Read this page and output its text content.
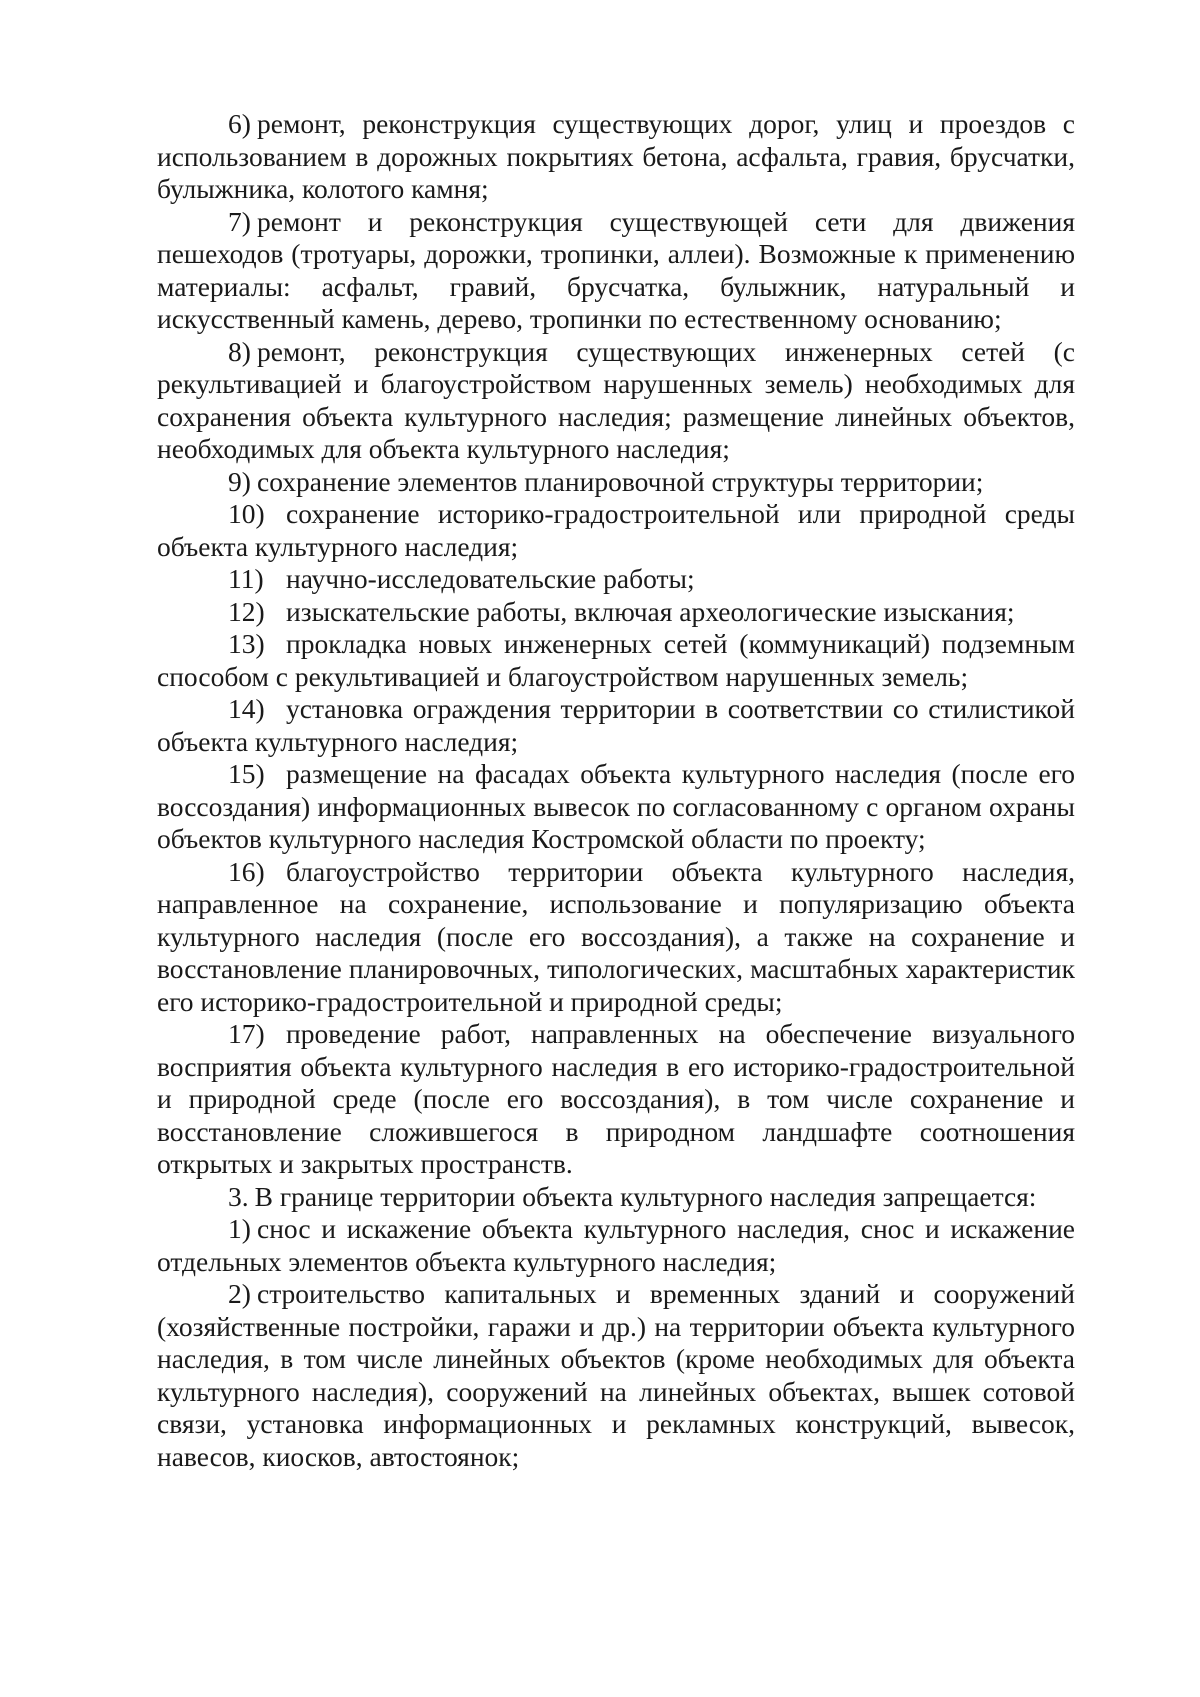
6) ремонт, реконструкция существующих дорог, улиц и проездов с использованием в дорожных покрытиях бетона, асфальта, гравия, брусчатки, булыжника, колотого камня;

7) ремонт и реконструкция существующей сети для движения пешеходов (тротуары, дорожки, тропинки, аллеи). Возможные к применению материалы: асфальт, гравий, брусчатка, булыжник, натуральный и искусственный камень, дерево, тропинки по естественному основанию;

8) ремонт, реконструкция существующих инженерных сетей (с рекультивацией и благоустройством нарушенных земель) необходимых для сохранения объекта культурного наследия; размещение линейных объектов, необходимых для объекта культурного наследия;

9) сохранение элементов планировочной структуры территории;

10) сохранение историко-градостроительной или природной среды объекта культурного наследия;

11) научно-исследовательские работы;

12) изыскательские работы, включая археологические изыскания;

13) прокладка новых инженерных сетей (коммуникаций) подземным способом с рекультивацией и благоустройством нарушенных земель;

14) установка ограждения территории в соответствии со стилистикой объекта культурного наследия;

15) размещение на фасадах объекта культурного наследия (после его воссоздания) информационных вывесок по согласованному с органом охраны объектов культурного наследия Костромской области по проекту;

16) благоустройство территории объекта культурного наследия, направленное на сохранение, использование и популяризацию объекта культурного наследия (после его воссоздания), а также на сохранение и восстановление планировочных, типологических, масштабных характеристик его историко-градостроительной и природной среды;

17) проведение работ, направленных на обеспечение визуального восприятия объекта культурного наследия в его историко-градостроительной и природной среде (после его воссоздания), в том числе сохранение и восстановление сложившегося в природном ландшафте соотношения открытых и закрытых пространств.

3. В границе территории объекта культурного наследия запрещается:

1) снос и искажение объекта культурного наследия, снос и искажение отдельных элементов объекта культурного наследия;

2) строительство капитальных и временных зданий и сооружений (хозяйственные постройки, гаражи и др.) на территории объекта культурного наследия, в том числе линейных объектов (кроме необходимых для объекта культурного наследия), сооружений на линейных объектах, вышек сотовой связи, установка информационных и рекламных конструкций, вывесок, навесов, киосков, автостоянок;
